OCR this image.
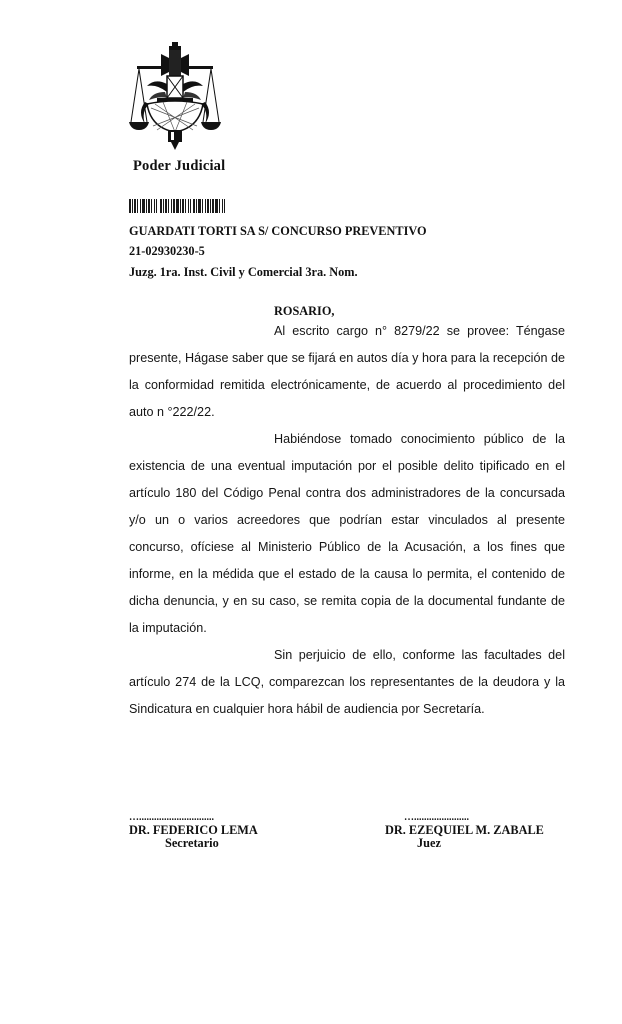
Poder Judicial
GUARDATI TORTI SA S/ CONCURSO PREVENTIVO
21-02930230-5
Juzg. 1ra. Inst. Civil y Comercial 3ra. Nom.
ROSARIO,

Al escrito cargo n° 8279/22 se provee: Téngase presente, Hágase saber que se fijará en autos día y hora para la recepción de la conformidad remitida electrónicamente, de acuerdo al procedimiento del auto n °222/22.

Habiéndose tomado conocimiento público de la existencia de una eventual imputación por el posible delito tipificado en el artículo 180 del Código Penal contra dos administradores de la concursada y/o un o varios acreedores que podrían estar vinculados al presente concurso, ofíciese al Ministerio Público de la Acusación, a los fines que informe, en la médida que el estado de la causa lo permita, el contenido de dicha denuncia, y en su caso, se remita copia de la documental fundante de la imputación.

Sin perjuicio de ello, conforme las facultades del artículo 274 de la LCQ, comparezcan los representantes de la deudora y la Sindicatura en cualquier hora hábil de audiencia por Secretaría.

…..............................
DR. FEDERICO LEMA
Secretario
…......................
DR. EZEQUIEL M. ZABALE
Juez
